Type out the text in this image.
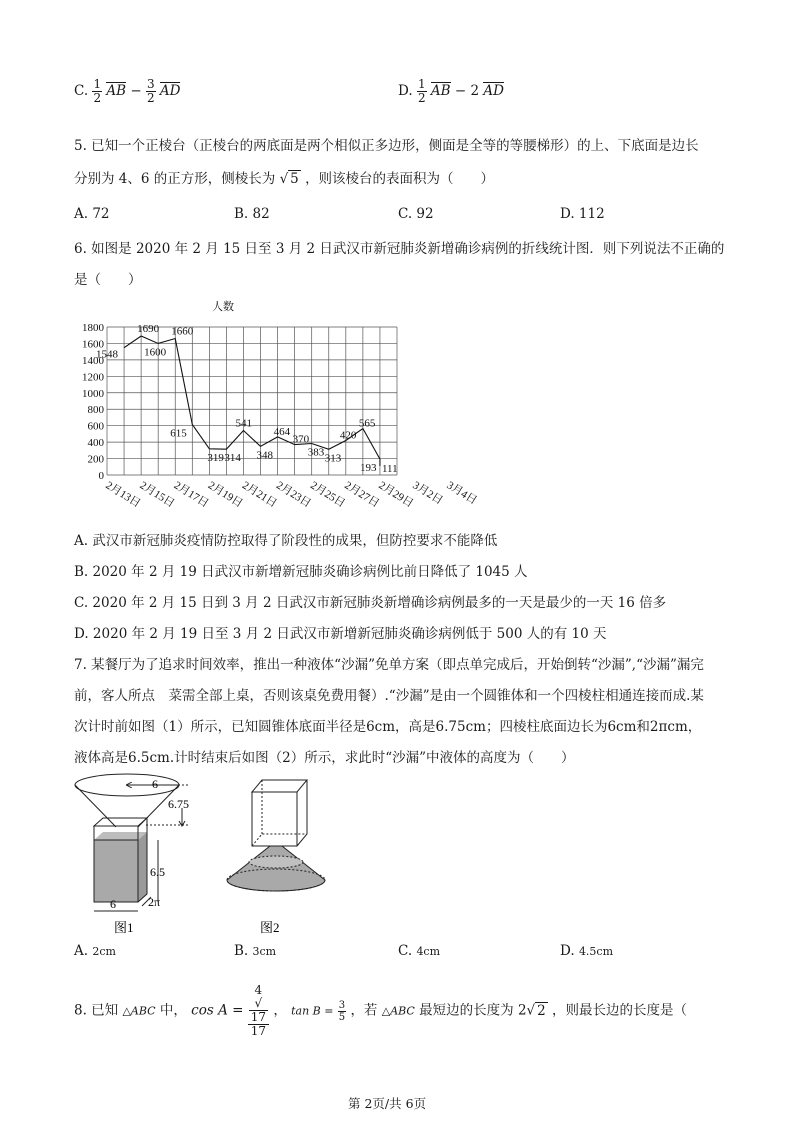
C. $\frac{1}{2}$ AB − $\frac{3}{2}$ AD	D. $\frac{1}{2}$ AB − 2 AD
5. 已知一个正棱台（正棱台的两底面是两个相似正多边形，侧面是全等的等腰梯形）的上、下底面是边长
分别为 4、6 的正方形，侧棱长为 √ 5 ，则该棱台的表面积为（　　）
A. 72	B. 82	C. 92	D. 112
6. 如图是 2020 年 2 月 15 日至 3 月 2 日武汉市新冠肺炎新增确诊病例的折线统计图．则下列说法不正确的
是（　　）
人数
0
200
400
600
800
1000
1200
1400
1600
1800
2月13日
2月15日
2月17日
2月19日
2月21日
2月23日
2月25日
2月27日
2月29日
3月2日 3月4日
1548
1690
1600
1660
615
319 314
541
348
464
370
383 313
420
565
193 111
A. 武汉市新冠肺炎疫情防控取得了阶段性的成果，但防控要求不能降低
B. 2020 年 2 月 19 日武汉市新增新冠肺炎确诊病例比前日降低了 1045 人
C. 2020 年 2 月 15 日到 3 月 2 日武汉市新冠肺炎新增确诊病例最多的一天是最少的一天 16 倍多
D. 2020 年 2 月 19 日至 3 月 2 日武汉市新增新冠肺炎确诊病例低于 500 人的有 10 天
7. 某餐厅为了追求时间效率，推出一种液体“沙漏”免单方案（即点单完成后，开始倒转“沙漏”,“沙漏”漏完
前，客人所点　菜需全部上桌，否则该桌免费用餐）.“沙漏”是由一个圆锥体和一个四棱柱相通连接而成.某
次计时前如图（1）所示，已知圆锥体底面半径是6cm，高是6.75cm；四棱柱底面边长为6cm和2πcm，
液体高是6.5cm.计时结束后如图（2）所示，求此时“沙漏”中液体的高度为（　　）
6
6.75
6.5
6	2π
图1	图2
A. 2cm	B. 3cm	C. 4cm	D. 4.5cm
8. 已知 △ABC 中， cos A = 4
√
17
17 ， $\tan B = \frac{3}{5}$ ，若 △ABC 最短边的长度为 2√ 2 ，则最长边的长度是（
第 2页/共 6页
